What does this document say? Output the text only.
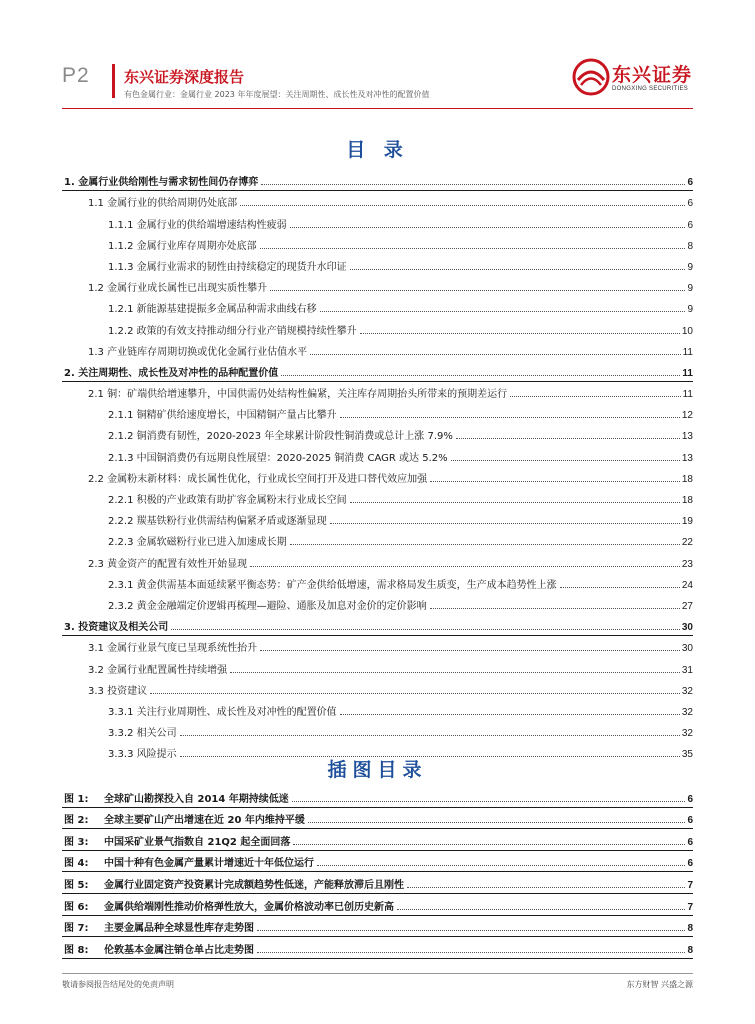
P2 东兴证券深度报告
有色金属行业：金属行业 2023 年年度展望：关注周期性、成长性及对冲性的配置价值
东兴证券
DONGXING SECURITIES
目 录
1. 金属行业供给刚性与需求韧性间仍存博弈	6
1.1 金属行业的供给周期仍处底部	6
1.1.1 金属行业的供给端增速结构性疲弱	6
1.1.2 金属行业库存周期亦处底部	8
1.1.3 金属行业需求的韧性由持续稳定的现货升水印证	9
1.2 金属行业成长属性已出现实质性攀升	9
1.2.1 新能源基建提振多金属品种需求曲线右移	9
1.2.2 政策的有效支持推动细分行业产销规模持续性攀升	10
1.3 产业链库存周期切换或优化金属行业估值水平	11
2. 关注周期性、成长性及对冲性的品种配置价值	11
2.1 铜：矿端供给增速攀升，中国供需仍处结构性偏紧，关注库存周期抬头所带来的预期差运行	11
2.1.1 铜精矿供给速度增长，中国精铜产量占比攀升	12
2.1.2 铜消费有韧性，2020-2023 年全球累计阶段性铜消费或总计上涨 7.9%	13
2.1.3 中国铜消费仍有远期良性展望：2020-2025 铜消费 CAGR 或达 5.2%	13
2.2 金属粉末新材料：成长属性优化，行业成长空间打开及进口替代效应加强	18
2.2.1 积极的产业政策有助扩容金属粉末行业成长空间	18
2.2.2 羰基铁粉行业供需结构偏紧矛盾或逐渐显现	19
2.2.3 金属软磁粉行业已进入加速成长期	22
2.3 黄金资产的配置有效性开始显现	23
2.3.1 黄金供需基本面延续紧平衡态势：矿产金供给低增速，需求格局发生质变，生产成本趋势性上涨	24
2.3.2 黄金金融端定价逻辑再梳理—避险、通胀及加息对金价的定价影响	27
3. 投资建议及相关公司	30
3.1 金属行业景气度已呈现系统性抬升	30
3.2 金属行业配置属性持续增强	31
3.3 投资建议	32
3.3.1 关注行业周期性、成长性及对冲性的配置价值	32
3.3.2 相关公司	32
3.3.3 风险提示	35
插图目录
图 1:	全球矿山勘探投入自 2014 年期持续低迷	6
图 2:	全球主要矿山产出增速在近 20 年内维持平缓	6
图 3:	中国采矿业景气指数自 21Q2 起全面回落	6
图 4:	中国十种有色金属产量累计增速近十年低位运行	6
图 5:	金属行业固定资产投资累计完成额趋势性低迷，产能释放滞后且刚性	7
图 6:	金属供给端刚性推动价格弹性放大，金属价格波动率已创历史新高	7
图 7:	主要金属品种全球显性库存走势图	8
图 8:	伦敦基本金属注销仓单占比走势图	8
敬请参阅报告结尾处的免责声明	东方财智 兴盛之源
